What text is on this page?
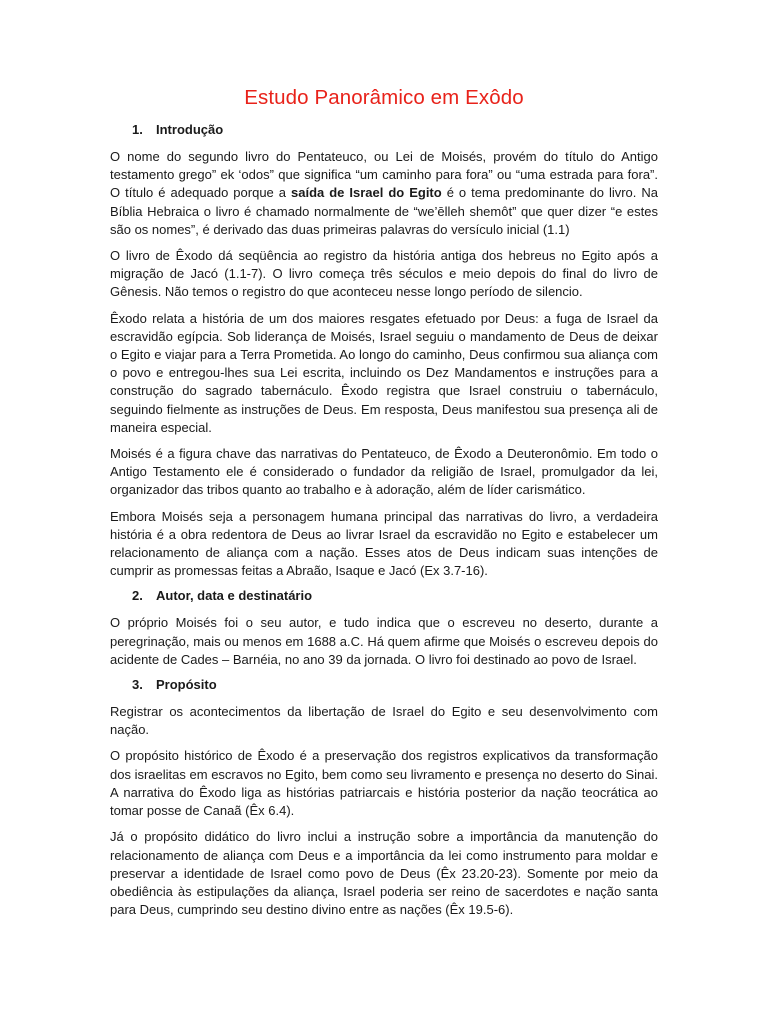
Estudo Panorâmico em Exôdo
1. Introdução

O nome do segundo livro do Pentateuco, ou Lei de Moisés, provém do título do Antigo testamento grego” ek ‘odos” que significa “um caminho para fora” ou “uma estrada para fora”. O título é adequado porque a saída de Israel do Egito é o tema predominante do livro. Na Bíblia Hebraica o livro é chamado normalmente de “we’ēlleh shemôt” que quer dizer “e estes são os nomes”, é derivado das duas primeiras palavras do versículo inicial (1.1)

O livro de Êxodo dá seqüência ao registro da história antiga dos hebreus no Egito após a migração de Jacó (1.1-7). O livro começa três séculos e meio depois do final do livro de Gênesis. Não temos o registro do que aconteceu nesse longo período de silencio.

Êxodo relata a história de um dos maiores resgates efetuado por Deus: a fuga de Israel da escravidão egípcia. Sob liderança de Moisés, Israel seguiu o mandamento de Deus de deixar o Egito e viajar para a Terra Prometida. Ao longo do caminho, Deus confirmou sua aliança com o povo e entregou-lhes sua Lei escrita, incluindo os Dez Mandamentos e instruções para a construção do sagrado tabernáculo. Êxodo registra que Israel construiu o tabernáculo, seguindo fielmente as instruções de Deus. Em resposta, Deus manifestou sua presença ali de maneira especial.

Moisés é a figura chave das narrativas do Pentateuco, de Êxodo a Deuteronômio. Em todo o Antigo Testamento ele é considerado o fundador da religião de Israel, promulgador da lei, organizador das tribos quanto ao trabalho e à adoração, além de líder carismático.

Embora Moisés seja a personagem humana principal das narrativas do livro, a verdadeira história é a obra redentora de Deus ao livrar Israel da escravidão no Egito e estabelecer um relacionamento de aliança com a nação. Esses atos de Deus indicam suas intenções de cumprir as promessas feitas a Abraão, Isaque e Jacó (Ex 3.7-16).

2. Autor, data e destinatário

O próprio Moisés foi o seu autor, e tudo indica que o escreveu no deserto, durante a peregrinação, mais ou menos em 1688 a.C. Há quem afirme que Moisés o escreveu depois do acidente de Cades – Barnéia, no ano 39 da jornada. O livro foi destinado ao povo de Israel.

3. Propósito

Registrar os acontecimentos da libertação de Israel do Egito e seu desenvolvimento com nação.

O propósito histórico de Êxodo é a preservação dos registros explicativos da transformação dos israelitas em escravos no Egito, bem como seu livramento e presença no deserto do Sinai. A narrativa do Êxodo liga as histórias patriarcais e história posterior da nação teocrática ao tomar posse de Canaã (Êx 6.4).

Já o propósito didático do livro inclui a instrução sobre a importância da manutenção do relacionamento de aliança com Deus e a importância da lei como instrumento para moldar e preservar a identidade de Israel como povo de Deus (Êx 23.20-23). Somente por meio da obediência às estipulações da aliança, Israel poderia ser reino de sacerdotes e nação santa para Deus, cumprindo seu destino divino entre as nações (Êx 19.5-6).
